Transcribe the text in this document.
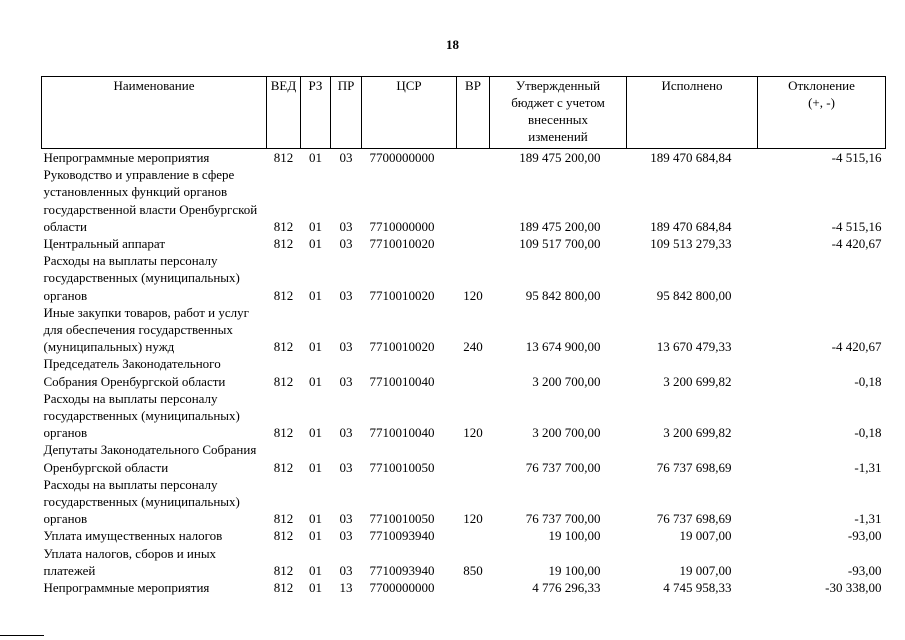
18
Наименование	ВЕД	РЗ	ПР	ЦСР	ВР	Утвержденный бюджет с учетом внесенных изменений	Исполнено	Отклонение (+, -)
Непрограммные мероприятия	812	01	03	7700000000		189 475 200,00	189 470 684,84	-4 515,16
Руководство и управление в сфере установленных функций органов государственной власти Оренбургской области	812	01	03	7710000000		189 475 200,00	189 470 684,84	-4 515,16
Центральный аппарат	812	01	03	7710010020		109 517 700,00	109 513 279,33	-4 420,67
Расходы на выплаты персоналу государственных (муниципальных) органов	812	01	03	7710010020	120	95 842 800,00	95 842 800,00	
Иные закупки товаров, работ и услуг для обеспечения государственных (муниципальных) нужд	812	01	03	7710010020	240	13 674 900,00	13 670 479,33	-4 420,67
Председатель Законодательного Собрания Оренбургской области	812	01	03	7710010040		3 200 700,00	3 200 699,82	-0,18
Расходы на выплаты персоналу государственных (муниципальных) органов	812	01	03	7710010040	120	3 200 700,00	3 200 699,82	-0,18
Депутаты Законодательного Собрания Оренбургской области	812	01	03	7710010050		76 737 700,00	76 737 698,69	-1,31
Расходы на выплаты персоналу государственных (муниципальных) органов	812	01	03	7710010050	120	76 737 700,00	76 737 698,69	-1,31
Уплата имущественных налогов	812	01	03	7710093940		19 100,00	19 007,00	-93,00
Уплата налогов, сборов и иных платежей	812	01	03	7710093940	850	19 100,00	19 007,00	-93,00
Непрограммные мероприятия	812	01	13	7700000000		4 776 296,33	4 745 958,33	-30 338,00
